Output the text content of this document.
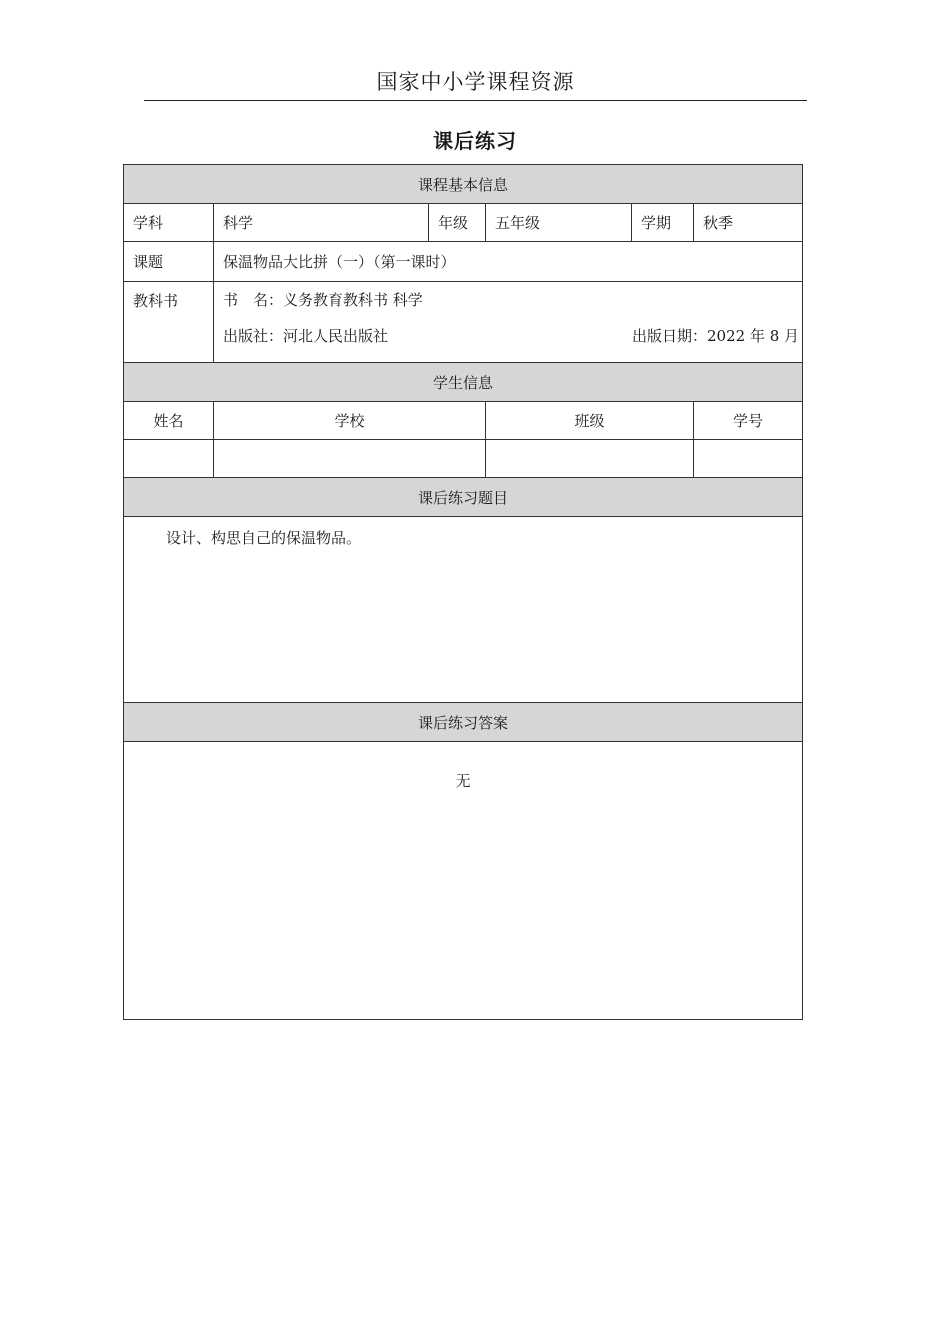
国家中小学课程资源
课后练习
课程基本信息					
学科	科学	年级	五年级	学期	秋季
课题	保温物品大比拼（一）（第一课时）				
教科书	书　名：义务教育教科书 科学
出版社：河北人民出版社 出版日期：2022 年 8 月				

学生信息					
姓名	学校		班级		学号

课后练习题目					
设计、构思自己的保温物品。					
课后练习答案					
无					
